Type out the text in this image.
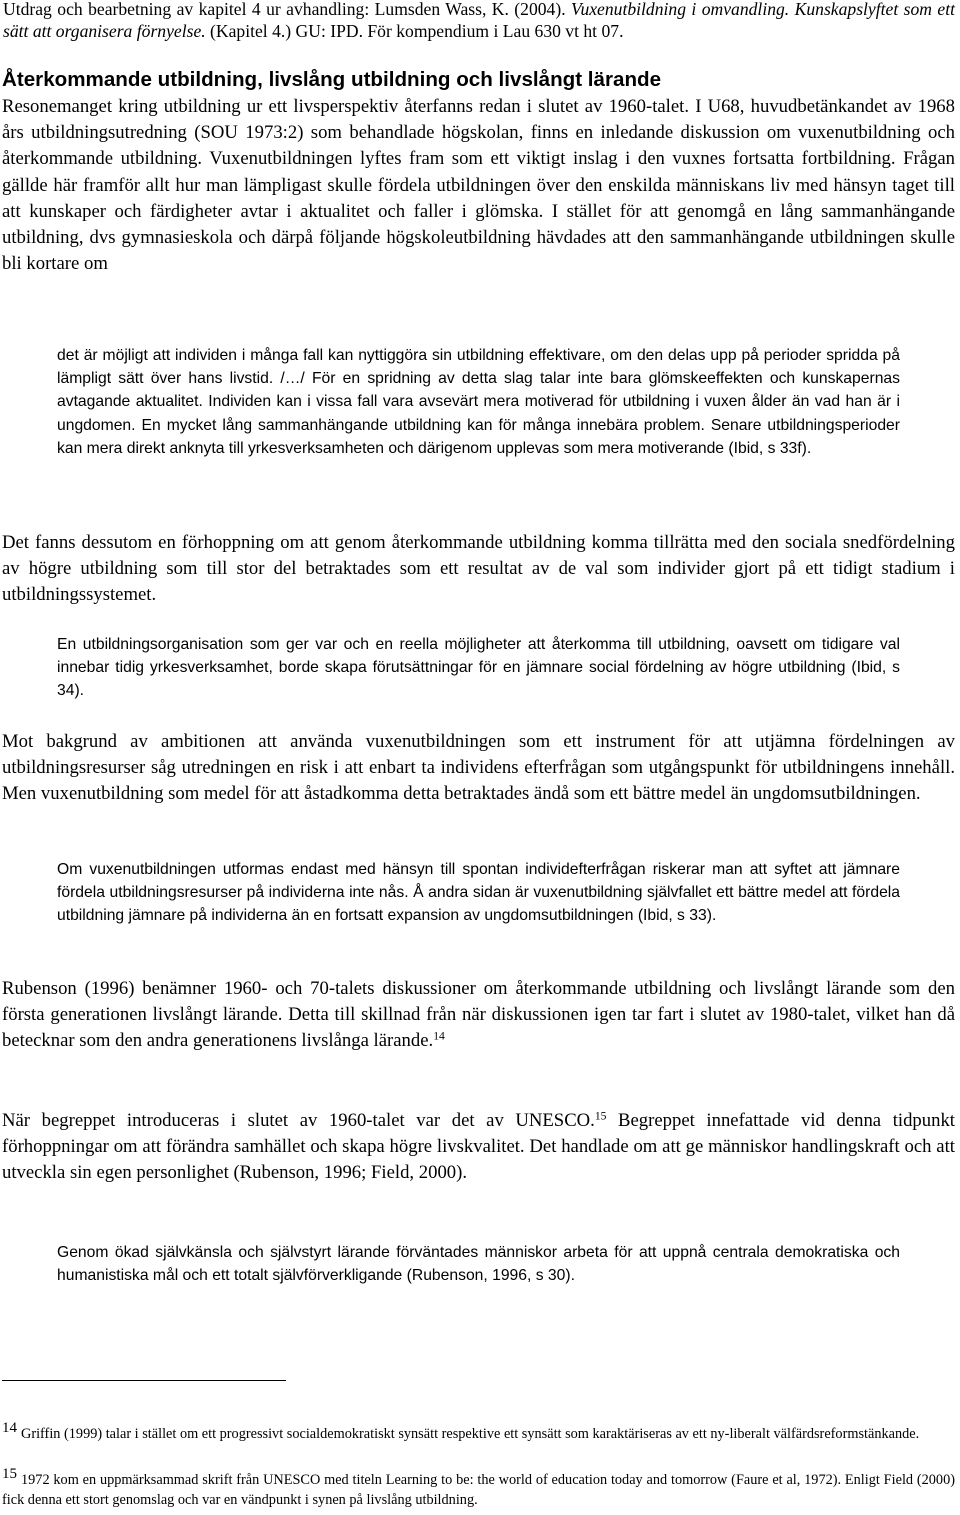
Utdrag och bearbetning av kapitel 4 ur avhandling: Lumsden Wass, K. (2004). Vuxenutbildning i omvandling. Kunskapslyftet som ett sätt att organisera förnyelse. (Kapitel 4.) GU: IPD. För kompendium i Lau 630 vt ht 07.
Återkommande utbildning, livslång utbildning och livslångt lärande
Resonemanget kring utbildning ur ett livsperspektiv återfanns redan i slutet av 1960-talet. I U68, huvudbetänkandet av 1968 års utbildningsutredning (SOU 1973:2) som behandlade högskolan, finns en inledande diskussion om vuxenutbildning och återkommande utbildning. Vuxenutbildningen lyftes fram som ett viktigt inslag i den vuxnes fortsatta fortbildning. Frågan gällde här framför allt hur man lämpligast skulle fördela utbildningen över den enskilda människans liv med hänsyn taget till att kunskaper och färdigheter avtar i aktualitet och faller i glömska. I stället för att genomgå en lång sammanhängande utbildning, dvs gymnasieskola och därpå följande högskoleutbildning hävdades att den sammanhängande utbildningen skulle bli kortare om
det är möjligt att individen i många fall kan nyttiggöra sin utbildning effektivare, om den delas upp på perioder spridda på lämpligt sätt över hans livstid. /…/ För en spridning av detta slag talar inte bara glömskeeffekten och kunskapernas avtagande aktualitet. Individen kan i vissa fall vara avsevärt mera motiverad för utbildning i vuxen ålder än vad han är i ungdomen. En mycket lång sammanhängande utbildning kan för många innebära problem. Senare utbildningsperioder kan mera direkt anknyta till yrkesverksamheten och därigenom upplevas som mera motiverande (Ibid, s 33f).
Det fanns dessutom en förhoppning om att genom återkommande utbildning komma tillrätta med den sociala snedfördelning av högre utbildning som till stor del betraktades som ett resultat av de val som individer gjort på ett tidigt stadium i utbildningssystemet.
En utbildningsorganisation som ger var och en reella möjligheter att återkomma till utbildning, oavsett om tidigare val innebar tidig yrkesverksamhet, borde skapa förutsättningar för en jämnare social fördelning av högre utbildning (Ibid, s 34).
Mot bakgrund av ambitionen att använda vuxenutbildningen som ett instrument för att utjämna fördelningen av utbildningsresurser såg utredningen en risk i att enbart ta individens efterfrågan som utgångspunkt för utbildningens innehåll. Men vuxenutbildning som medel för att åstadkomma detta betraktades ändå som ett bättre medel än ungdomsutbildningen.
Om vuxenutbildningen utformas endast med hänsyn till spontan individefterfrågan riskerar man att syftet att jämnare fördela utbildningsresurser på individerna inte nås. Å andra sidan är vuxenutbildning självfallet ett bättre medel att fördela utbildning jämnare på individerna än en fortsatt expansion av ungdomsutbildningen (Ibid, s 33).
Rubenson (1996) benämner 1960- och 70-talets diskussioner om återkommande utbildning och livslångt lärande som den första generationen livslångt lärande. Detta till skillnad från när diskussionen igen tar fart i slutet av 1980-talet, vilket han då betecknar som den andra generationens livslånga lärande.$^{14}$
När begreppet introduceras i slutet av 1960-talet var det av UNESCO.$^{15}$ Begreppet innefattade vid denna tidpunkt förhoppningar om att förändra samhället och skapa högre livskvalitet. Det handlade om att ge människor handlingskraft och att utveckla sin egen personlighet (Rubenson, 1996; Field, 2000).
Genom ökad självkänsla och självstyrt lärande förväntades människor arbeta för att uppnå centrala demokratiska och humanistiska mål och ett totalt självförverkligande (Rubenson, 1996, s 30).
14 Griffin (1999) talar i stället om ett progressivt socialdemokratiskt synsätt respektive ett synsätt som karaktäriseras av ett ny-liberalt välfärdsreformstänkande.
15 1972 kom en uppmärksammad skrift från UNESCO med titeln Learning to be: the world of education today and tomorrow (Faure et al, 1972). Enligt Field (2000) fick denna ett stort genomslag och var en vändpunkt i synen på livslång utbildning.
